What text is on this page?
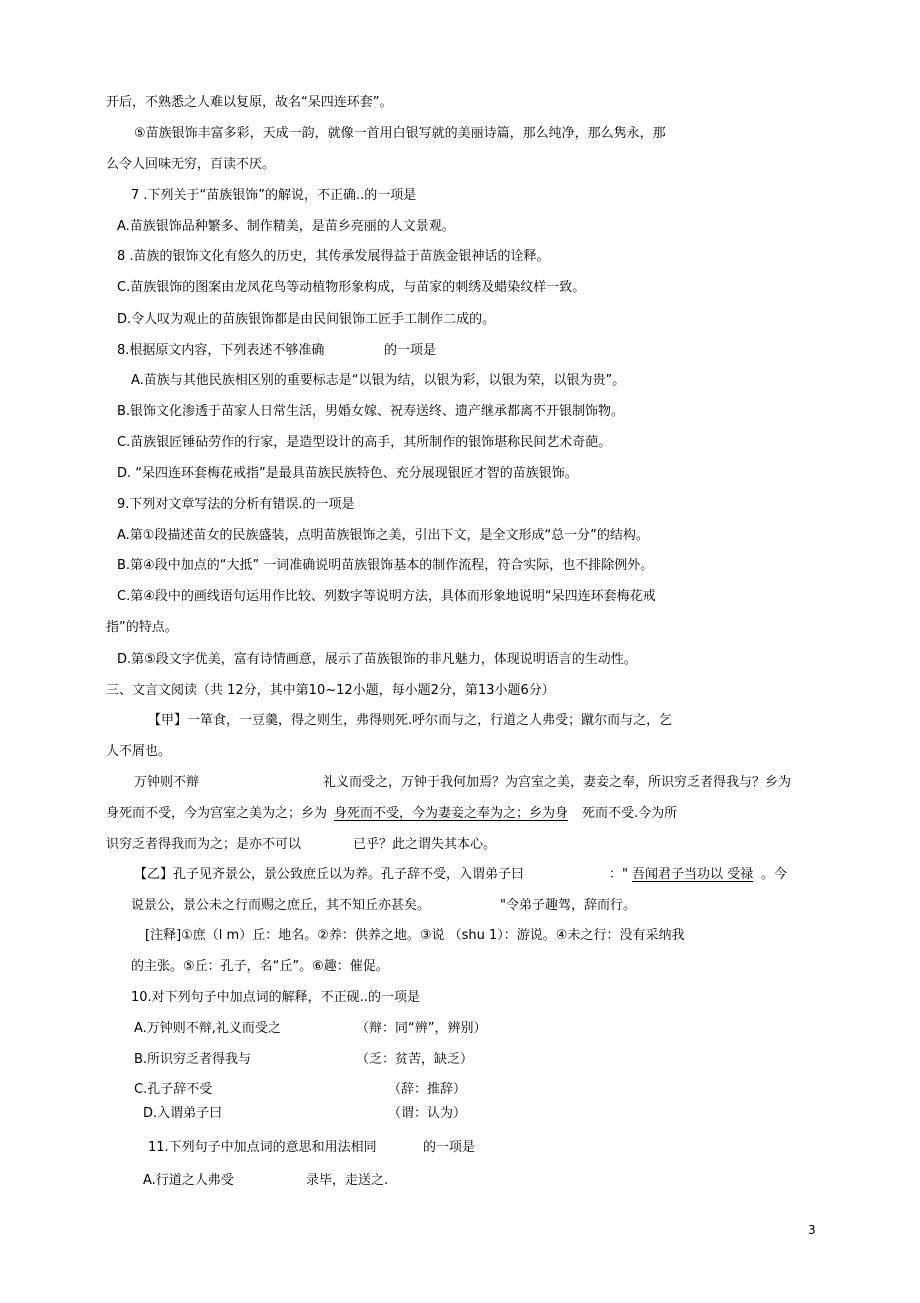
开后，不熟悉之人难以复原，故名“呆四连环套”。
⑤苗族银饰丰富多彩，天成一韵，就像一首用白银写就的美丽诗篇，那么纯净，那么隽永，那
么令人回味无穷，百读不厌。
7 .下列关于“苗族银饰”的解说，不正确..的一项是
A.苗族银饰品种繁多、制作精美，是苗乡亮丽的人文景观。
8 .苗族的银饰文化有悠久的历史，其传承发展得益于苗族金银神话的诠释。
C.苗族银饰的图案由龙凤花鸟等动植物形象构成，与苗家的刺绣及蜡染纹样一致。
D.令人叹为观止的苗族银饰都是由民间银饰工匠手工制作二成的。
8.根据原文内容，下列表述不够准确	的一项是
A.苗族与其他民族相区别的重要标志是“以银为结，以银为彩，以银为荣，以银为贵”。
B.银饰文化渗透于苗家人日常生活，男婚女嫁、祝寿送终、遗产继承都离不开银制饰物。
C.苗族银匠锤砧劳作的行家，是造型设计的高手，其所制作的银饰堪称民间艺术奇葩。
D. “呆四连环套梅花戒指”是最具苗族民族特色、充分展现银匠才智的苗族银饰。
9.下列对文章写法的分析有错误.的一项是
A.第①段描述苗女的民族盛装，点明苗族银饰之美，引出下文，是全文形成“总一分”的结构。
B.第④段中加点的“大抵” 一词准确说明苗族银饰基本的制作流程，符合实际，也不排除例外。
C.第④段中的画线语句运用作比较、列数字等说明方法，具体而形象地说明“呆四连环套梅花戒
指”的特点。
D.第⑤段文字优美，富有诗情画意，展示了苗族银饰的非凡魅力，体现说明语言的生动性。
三、文言文阅读（共 12分，其中第10~12小题，每小题2分，第13小题6分）
【甲】一箪食，一豆羹，得之则生，弗得则死.呼尔而与之，行道之人弗受；蹴尔而与之，乞
人不屑也。
万钟则不辩	礼义而受之，万钟于我何加焉？为宫室之美，妻妾之奉，所识穷乏者得我与？乡为
身死而不受，今为宫室之美为之；乡为 身死而不受，今为妻妾之奉为之；乡为身 死而不受.今为所
识穷乏者得我而为之；是亦不可以	已乎？此之谓失其本心。
【乙】孔子见齐景公，景公致庶丘以为养。孔子辞不受，入谓弟子曰	：" 吾闻君子当功以 受禄 。今
说景公，景公未之行而赐之庶丘，其不知丘亦甚矣。	"令弟子趣驾，辞而行。
[注释]①庶（l m）丘：地名。②养：供养之地。③说 （shu 1）：游说。④未之行：没有采纳我
的主张。⑤丘：孔子，名“丘”。⑥趣：催促。
10.对下列句子中加点词的解释，不正砚..的一项是
A.万钟则不辩,礼义而受之	（辩：同“辨”，辨别）
B.所识穷乏者得我与	（乏：贫苦，缺乏）
C.孔子辞不受	（辞：推辞）
D.入谓弟子曰	（谓：认为）
11.下列句子中加点词的意思和用法相同	的一项是
A.行道之人弗受	录毕，走送之.
3
